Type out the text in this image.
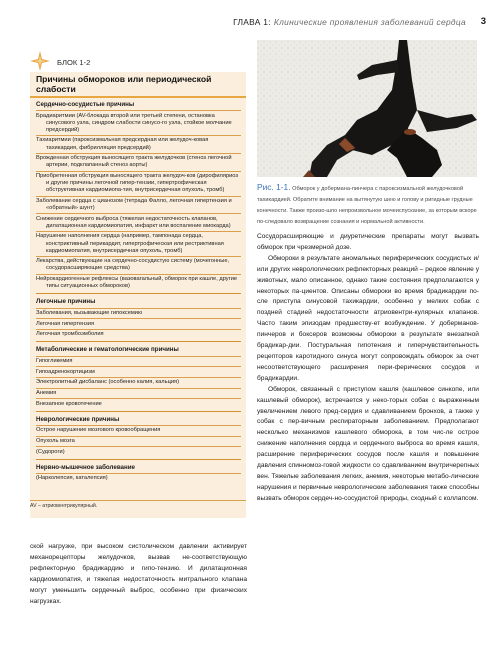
ГЛАВА 1: Клинические проявления заболеваний сердца 3
БЛОК 1-2
Причины обмороков или периодической
слабости

Сердечно-сосудистые причины

Брадиаритмии (AV-блокада второй или третьей степени, остановка синусового узла, синдром слабости синусо-го узла, стойкое молчание предсердий)

Тахиаритмии (пароксизмальная предсердная или желудоч-ковая тахикардия, фибрилляция предсердий)

Врожденная обструкция выносящего тракта желудочков (стеноз легочной артерии, подклапанный стеноз аорты)

Приобретенная обструкция выносящего тракта желудоч-ков (дирофиляриоз и другие причины легочной гипер-тензии, гипертрофическая обструктивная кардиомиопа-тия, внутрисердечная опухоль, тромб)

Заболевание сердца с цианозом (тетрада Фалло, легочная гипертензия и «обратный» шунт)

Снижение сердечного выброса (тяжелая недостаточность клапанов, дилатационная кардиомиопатия, инфаркт или воспаление миокарда)

Нарушение наполнения сердца (например, тампонада сердца, констриктивный перикардит, гипертрофическая или рестриктивная кардиомиопатия, внутрисердечная опухоль, тромб)

Лекарства, действующие на сердечно-сосудистую систему (мочегонные, сосудорасширяющие средства)

Нейрокардиогенные рефлексы (вазовагальный, обморок при кашле, другие типы ситуационных обмороков)

Легочные причины

Заболевания, вызывающие гипоксемию

Легочная гипертензия

Легочная тромбоэмболия

Метаболические и гематологические причины

Гипогликемия

Гипоадренокортицизм

Электролитный дисбаланс (особенно калия, кальция)

Анемия

Внезапное кровотечение

Неврологические причины

Острое нарушение мозгового кровообращения

Опухоль мозга

(Судороги)

Нервно-мышечное заболевание

(Нарколепсия, каталепсия)

AV – атриовентрикулярный.
ской нагрузке, при высоком систолическом давлении активирует механорецепторы желудочков, вызвав не-соответствующую рефлекторную брадикардию и гипо-тензию. И дилатационная кардиомиопатия, и тяжелая недостаточность митрального клапана могут уменьшить сердечный выброс, особенно при физических нагрузках.
Рис. 1-1. Обморок у добермана-пинчера с пароксизмальной желудочковой тахикардией. Обратите внимание на вытянутую шею и голову и ригидные грудные конечности. Также произо-шло непроизвольное мочеиспускание, за которым вскоре по-следовало возвращение сознания и нормальной активности.

Сосудорасширяющие и диуретические препараты могут вызвать обморок при чрезмерной дозе.

Обмороки в результате аномальных периферических сосудистых и/или других неврологических рефлекторных реакций – редкое явление у животных, мало описанное, однако такие состояния предполагаются у некоторых па-циентов. Описаны обмороки во время брадикардии по-сле приступа синусовой тахикардии, особенно у мелких собак с поздней стадией недостаточности атриовентри-кулярных клапанов. Часто таким эпизодам предшеству-ет возбуждение. У доберманов-пинчеров и боксеров возможны обмороки в результате внезапной брадикар-дии. Постуральная гипотензия и гиперчувствительность рецепторов каротидного синуса могут сопровождать обморок за счет несоответствующего расширения пери-ферических сосудов и брадикардии.

Обморок, связанный с приступом кашля (кашлевое синкопе, или кашлевый обморок), встречается у неко-торых собак с выраженным увеличением левого пред-сердия и сдавливанием бронхов, а также у собак с пер-вичным респираторным заболеванием. Предполагают несколько механизмов кашлевого обморока, в том чис-ле острое снижение наполнения сердца и сердечного выброса во время кашля, расширение периферических сосудов после кашля и повышение давления спинномоз-говой жидкости со сдавливанием внутричерепных вен. Тяжелые заболевания легких, анемия, некоторые метабо-лические нарушения и первичные неврологические заболевания также способны вызвать обморок сердеч-но-сосудистой природы, сходный с коллапсом.
